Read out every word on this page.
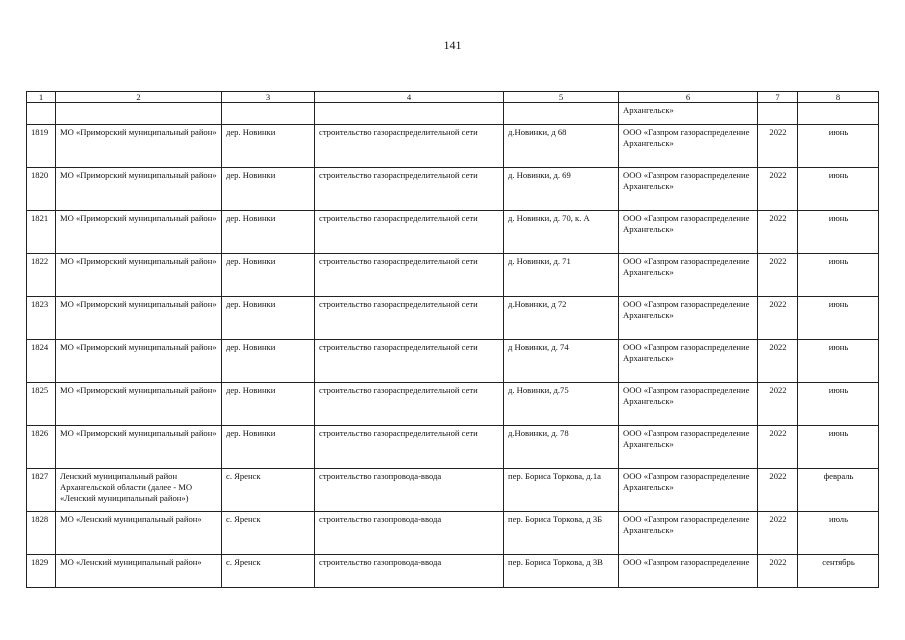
141
1	2	3	4	5	6	7	8
					Архангельск»		
1819	МО «Приморский муниципальный район»	дер. Новинки	строительство газораспределительной сети	д.Новинки, д 68	ООО «Газпром газораспределение Архангельск»	2022	июнь
1820	МО «Приморский муниципальный район»	дер. Новинки	строительство газораспределительной сети	д. Новинки, д. 69	ООО «Газпром газораспределение Архангельск»	2022	июнь
1821	МО «Приморский муниципальный район»	дер. Новинки	строительство газораспределительной сети	д. Новинки, д. 70, к. А	ООО «Газпром газораспределение Архангельск»	2022	июнь
1822	МО «Приморский муниципальный район»	дер. Новинки	строительство газораспределительной сети	д. Новинки, д. 71	ООО «Газпром газораспределение Архангельск»	2022	июнь
1823	МО «Приморский муниципальный район»	дер. Новинки	строительство газораспределительной сети	д.Новинки, д 72	ООО «Газпром газораспределение Архангельск»	2022	июнь
1824	МО «Приморский муниципальный район»	дер. Новинки	строительство газораспределительной сети	д Новинки, д. 74	ООО «Газпром газораспределение Архангельск»	2022	июнь
1825	МО «Приморский муниципальный район»	дер. Новинки	строительство газораспределительной сети	д. Новинки, д.75	ООО «Газпром газораспределение Архангельск»	2022	июнь
1826	МО «Приморский муниципальный район»	дер. Новинки	строительство газораспределительной сети	д.Новинки, д. 78	ООО «Газпром газораспределение Архангельск»	2022	июнь
1827	Ленский муниципальный район Архангельской области (далее - МО «Ленский муниципальный район»)	с. Яренск	строительство газопровода-ввода	пер. Бориса Торкова, д.1а	ООО «Газпром газораспределение Архангельск»	2022	февраль
1828	МО «Ленский муниципальный район»	с. Яренск	строительство газопровода-ввода	пер. Бориса Торкова, д 3Б	ООО «Газпром газораспределение Архангельск»	2022	июль
1829	МО «Ленский муниципальный район»	с. Яренск	строительство газопровода-ввода	пер. Бориса Торкова, д 3В	ООО «Газпром газораспределение	2022	сентябрь
